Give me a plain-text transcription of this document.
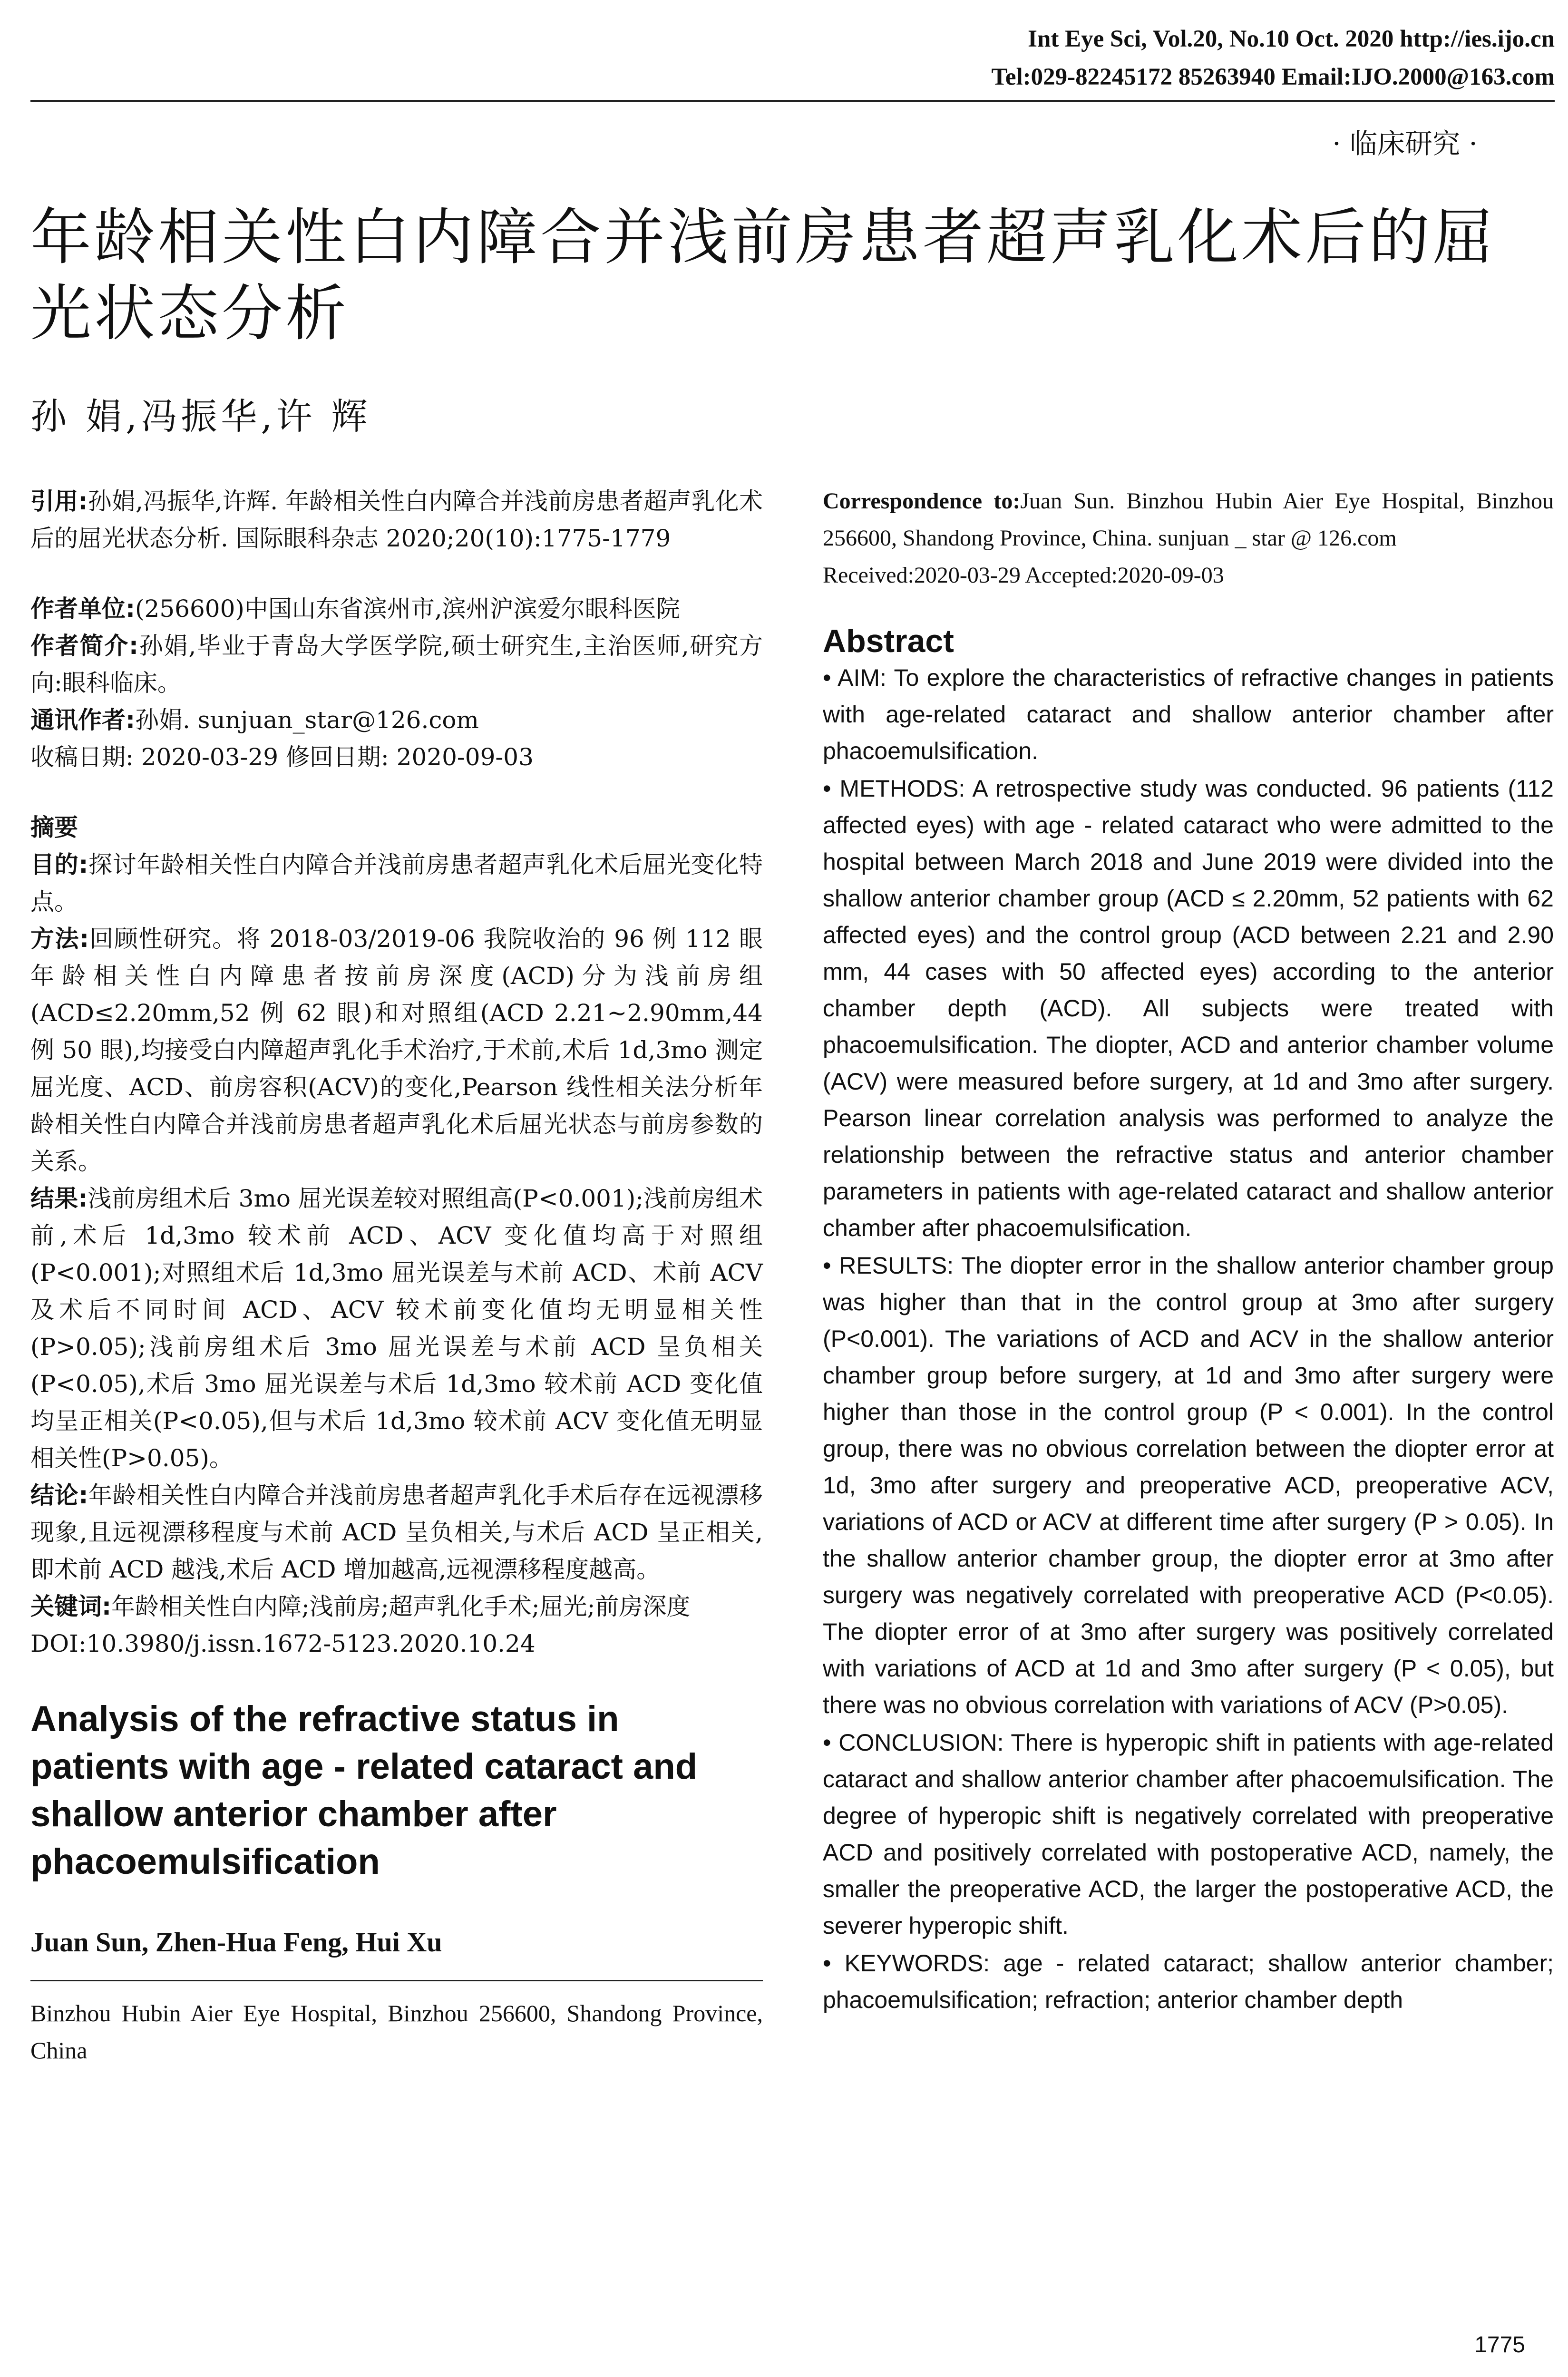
Int Eye Sci, Vol.20, No.10 Oct. 2020 http://ies.ijo.cn
Tel:029-82245172 85263940 Email:IJO.2000@163.com
· 临床研究 ·
年龄相关性白内障合并浅前房患者超声乳化术后的屈光状态分析
孙 娟,冯振华,许 辉

引用:孙娟,冯振华,许辉. 年龄相关性白内障合并浅前房患者超声乳化术后的屈光状态分析. 国际眼科杂志 2020;20(10):1775-1779

作者单位:(256600)中国山东省滨州市,滨州沪滨爱尔眼科医院

作者简介:孙娟,毕业于青岛大学医学院,硕士研究生,主治医师,研究方向:眼科临床。

通讯作者:孙娟. sunjuan_star@126.com

收稿日期: 2020-03-29 修回日期: 2020-09-03

摘要

目的:探讨年龄相关性白内障合并浅前房患者超声乳化术后屈光变化特点。

方法:回顾性研究。将 2018-03/2019-06 我院收治的 96 例 112 眼年龄相关性白内障患者按前房深度(ACD)分为浅前房组(ACD≤2.20mm,52 例 62 眼)和对照组(ACD 2.21~2.90mm,44 例 50 眼),均接受白内障超声乳化手术治疗,于术前,术后 1d,3mo 测定屈光度、ACD、前房容积(ACV)的变化,Pearson 线性相关法分析年龄相关性白内障合并浅前房患者超声乳化术后屈光状态与前房参数的关系。

结果:浅前房组术后 3mo 屈光误差较对照组高(P<0.001);浅前房组术前,术后 1d,3mo 较术前 ACD、ACV 变化值均高于对照组(P<0.001);对照组术后 1d,3mo 屈光误差与术前 ACD、术前 ACV 及术后不同时间 ACD、ACV 较术前变化值均无明显相关性(P>0.05);浅前房组术后 3mo 屈光误差与术前 ACD 呈负相关(P<0.05),术后 3mo 屈光误差与术后 1d,3mo 较术前 ACD 变化值均呈正相关(P<0.05),但与术后 1d,3mo 较术前 ACV 变化值无明显相关性(P>0.05)。

结论:年龄相关性白内障合并浅前房患者超声乳化手术后存在远视漂移现象,且远视漂移程度与术前 ACD 呈负相关,与术后 ACD 呈正相关,即术前 ACD 越浅,术后 ACD 增加越高,远视漂移程度越高。

关键词:年龄相关性白内障;浅前房;超声乳化手术;屈光;前房深度

DOI:10.3980/j.issn.1672-5123.2020.10.24

Analysis of the refractive status in patients with age - related cataract and shallow anterior chamber after phacoemulsification

Juan Sun, Zhen-Hua Feng, Hui Xu

Binzhou Hubin Aier Eye Hospital, Binzhou 256600, Shandong Province, China

Correspondence to:Juan Sun. Binzhou Hubin Aier Eye Hospital, Binzhou 256600, Shandong Province, China. sunjuan _ star @ 126.com

Received:2020-03-29 Accepted:2020-09-03

Abstract

• AIM: To explore the characteristics of refractive changes in patients with age-related cataract and shallow anterior chamber after phacoemulsification.

• METHODS: A retrospective study was conducted. 96 patients (112 affected eyes) with age - related cataract who were admitted to the hospital between March 2018 and June 2019 were divided into the shallow anterior chamber group (ACD ≤ 2.20mm, 52 patients with 62 affected eyes) and the control group (ACD between 2.21 and 2.90 mm, 44 cases with 50 affected eyes) according to the anterior chamber depth (ACD). All subjects were treated with phacoemulsification. The diopter, ACD and anterior chamber volume (ACV) were measured before surgery, at 1d and 3mo after surgery. Pearson linear correlation analysis was performed to analyze the relationship between the refractive status and anterior chamber parameters in patients with age-related cataract and shallow anterior chamber after phacoemulsification.

• RESULTS: The diopter error in the shallow anterior chamber group was higher than that in the control group at 3mo after surgery (P<0.001). The variations of ACD and ACV in the shallow anterior chamber group before surgery, at 1d and 3mo after surgery were higher than those in the control group (P < 0.001). In the control group, there was no obvious correlation between the diopter error at 1d, 3mo after surgery and preoperative ACD, preoperative ACV, variations of ACD or ACV at different time after surgery (P > 0.05). In the shallow anterior chamber group, the diopter error at 3mo after surgery was negatively correlated with preoperative ACD (P<0.05). The diopter error of at 3mo after surgery was positively correlated with variations of ACD at 1d and 3mo after surgery (P < 0.05), but there was no obvious correlation with variations of ACV (P>0.05).

• CONCLUSION: There is hyperopic shift in patients with age-related cataract and shallow anterior chamber after phacoemulsification. The degree of hyperopic shift is negatively correlated with preoperative ACD and positively correlated with postoperative ACD, namely, the smaller the preoperative ACD, the larger the postoperative ACD, the severer hyperopic shift.

• KEYWORDS: age - related cataract; shallow anterior chamber; phacoemulsification; refraction; anterior chamber depth

1775
